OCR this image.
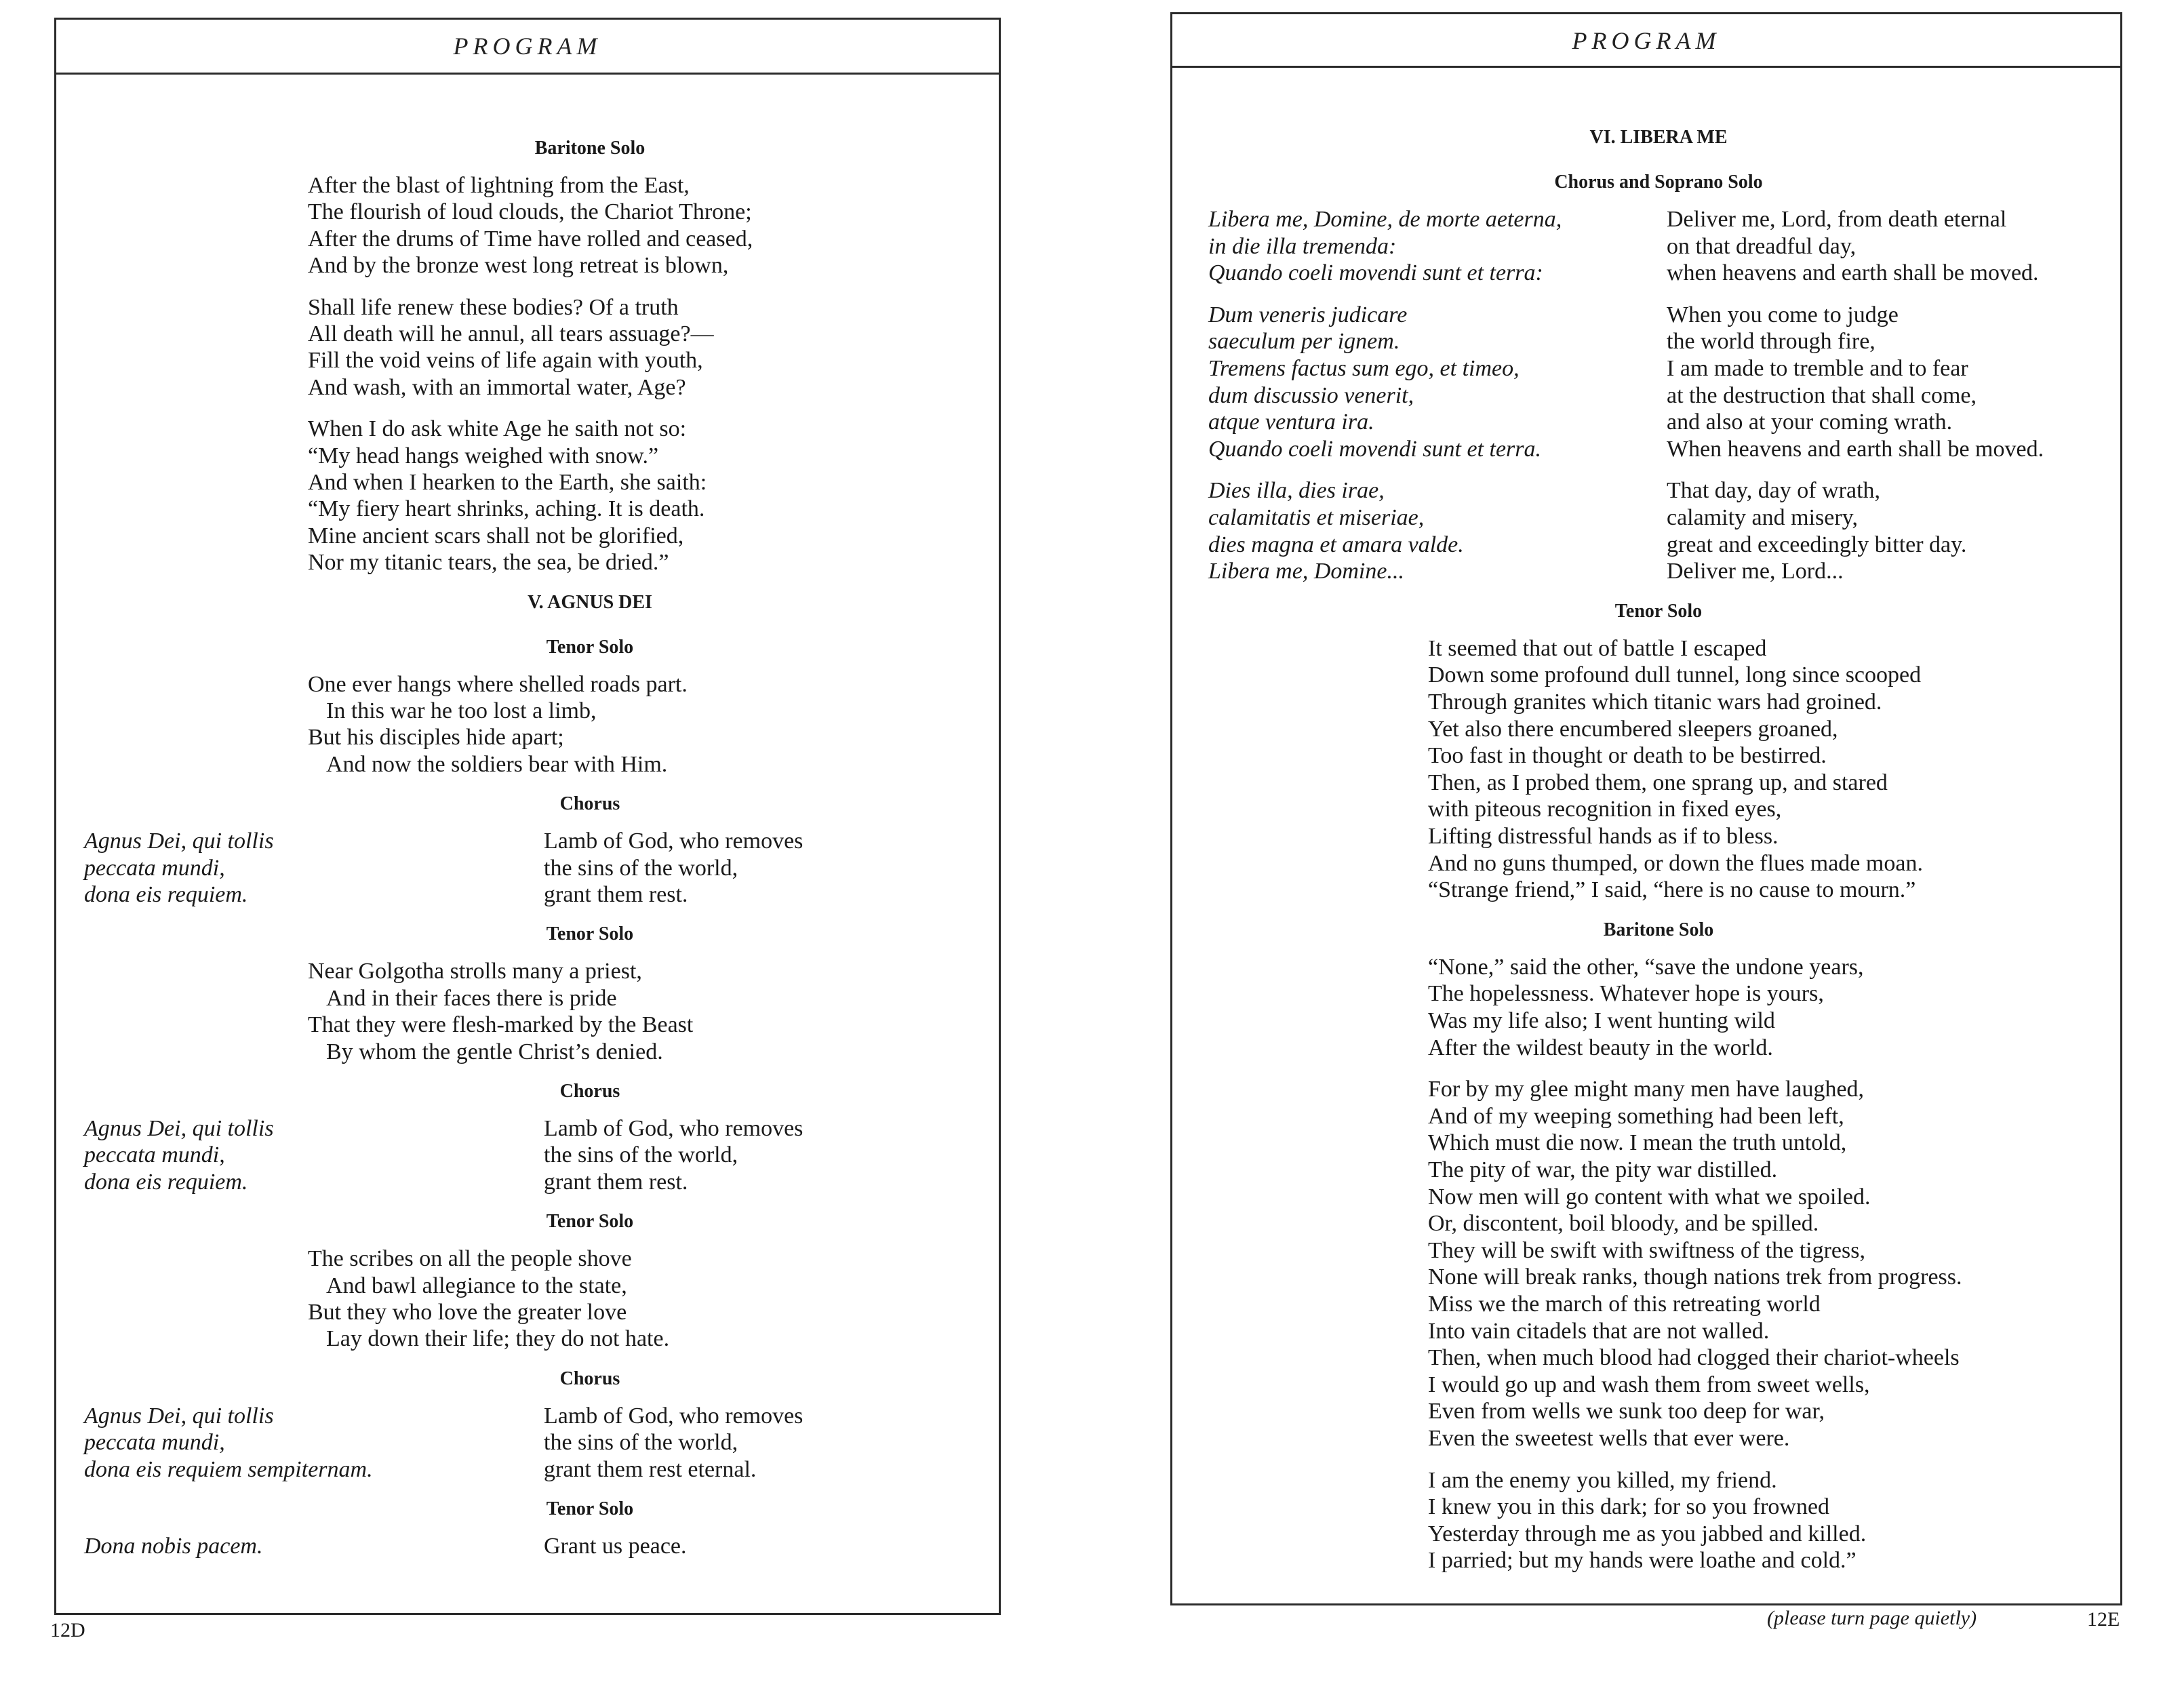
PROGRAM
Baritone Solo
After the blast of lightning from the East,
The flourish of loud clouds, the Chariot Throne;
After the drums of Time have rolled and ceased,
And by the bronze west long retreat is blown,
Shall life renew these bodies? Of a truth
All death will he annul, all tears assuage?—
Fill the void veins of life again with youth,
And wash, with an immortal water, Age?
When I do ask white Age he saith not so:
“My head hangs weighed with snow.”
And when I hearken to the Earth, she saith:
“My fiery heart shrinks, aching. It is death.
Mine ancient scars shall not be glorified,
Nor my titanic tears, the sea, be dried.”
V. AGNUS DEI
Tenor Solo
One ever hangs where shelled roads part.
In this war he too lost a limb,
But his disciples hide apart;
And now the soldiers bear with Him.
Chorus
Agnus Dei, qui tollis
peccata mundi,
dona eis requiem.
Lamb of God, who removes
the sins of the world,
grant them rest.
Tenor Solo
Near Golgotha strolls many a priest,
And in their faces there is pride
That they were flesh-marked by the Beast
By whom the gentle Christ’s denied.
Chorus
Agnus Dei, qui tollis
peccata mundi,
dona eis requiem.
Lamb of God, who removes
the sins of the world,
grant them rest.
Tenor Solo
The scribes on all the people shove
And bawl allegiance to the state,
But they who love the greater love
Lay down their life; they do not hate.
Chorus
Agnus Dei, qui tollis
peccata mundi,
dona eis requiem sempiternam.
Lamb of God, who removes
the sins of the world,
grant them rest eternal.
Tenor Solo
Dona nobis pacem.	Grant us peace.
12D
PROGRAM
VI. LIBERA ME
Chorus and Soprano Solo
Libera me, Domine, de morte aeterna,
in die illa tremenda:
Quando coeli movendi sunt et terra:
Deliver me, Lord, from death eternal
on that dreadful day,
when heavens and earth shall be moved.
Dum veneris judicare
saeculum per ignem.
Tremens factus sum ego, et timeo,
dum discussio venerit,
atque ventura ira.
Quando coeli movendi sunt et terra.
When you come to judge
the world through fire,
I am made to tremble and to fear
at the destruction that shall come,
and also at your coming wrath.
When heavens and earth shall be moved.
Dies illa, dies irae,
calamitatis et miseriae,
dies magna et amara valde.
Libera me, Domine...
That day, day of wrath,
calamity and misery,
great and exceedingly bitter day.
Deliver me, Lord...
Tenor Solo
It seemed that out of battle I escaped
Down some profound dull tunnel, long since scooped
Through granites which titanic wars had groined.
Yet also there encumbered sleepers groaned,
Too fast in thought or death to be bestirred.
Then, as I probed them, one sprang up, and stared
with piteous recognition in fixed eyes,
Lifting distressful hands as if to bless.
And no guns thumped, or down the flues made moan.
“Strange friend,” I said, “here is no cause to mourn.”
Baritone Solo
“None,” said the other, “save the undone years,
The hopelessness. Whatever hope is yours,
Was my life also; I went hunting wild
After the wildest beauty in the world.
For by my glee might many men have laughed,
And of my weeping something had been left,
Which must die now. I mean the truth untold,
The pity of war, the pity war distilled.
Now men will go content with what we spoiled.
Or, discontent, boil bloody, and be spilled.
They will be swift with swiftness of the tigress,
None will break ranks, though nations trek from progress.
Miss we the march of this retreating world
Into vain citadels that are not walled.
Then, when much blood had clogged their chariot-wheels
I would go up and wash them from sweet wells,
Even from wells we sunk too deep for war,
Even the sweetest wells that ever were.
I am the enemy you killed, my friend.
I knew you in this dark; for so you frowned
Yesterday through me as you jabbed and killed.
I parried; but my hands were loathe and cold.”
(please turn page quietly)	12E
